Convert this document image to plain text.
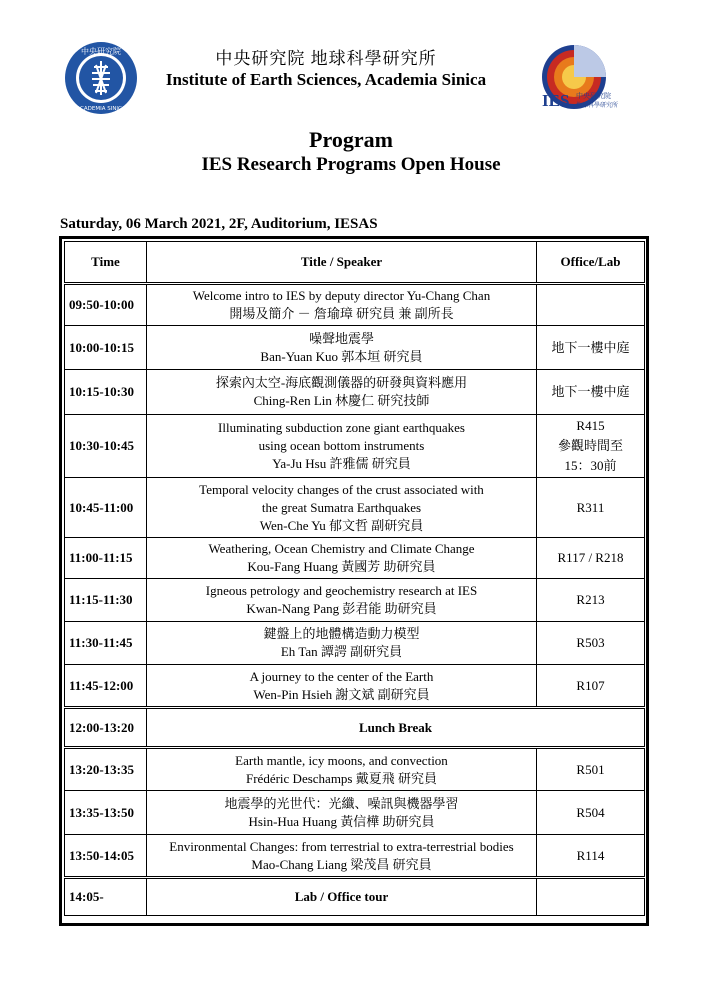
中央研究院
ACADEMIA SINICA	IES 中央研究院
地球科學研究所
中央研究院 地球科學研究所
Institute of Earth Sciences, Academia Sinica
Program
IES Research Programs Open House
Saturday, 06 March 2021, 2F, Auditorium, IESAS
Time	Title / Speaker	Office/Lab
09:50-10:00	Welcome intro to IES by deputy director Yu-Chang Chan
開場及簡介 － 詹瑜璋 研究員 兼 副所長	

10:00-10:15	噪聲地震學
Ban-Yuan Kuo 郭本垣 研究員	地下一樓中庭
10:15-10:30	探索內太空-海底觀測儀器的研發與資料應用
Ching-Ren Lin 林慶仁 研究技師	地下一樓中庭
10:30-10:45	Illuminating subduction zone giant earthquakes
using ocean bottom instruments
Ya-Ju Hsu 許雅儒 研究員	R415
參觀時間至
15：30前

10:45-11:00	Temporal velocity changes of the crust associated with
the great Sumatra Earthquakes
Wen-Che Yu 郁文哲 副研究員	R311
11:00-11:15	Weathering, Ocean Chemistry and Climate Change
Kou-Fang Huang 黃國芳 助研究員	R117 / R218
11:15-11:30	Igneous petrology and geochemistry research at IES
Kwan-Nang Pang 彭君能 助研究員	R213
11:30-11:45	鍵盤上的地體構造動力模型
Eh Tan 譚諤 副研究員	R503
11:45-12:00	A journey to the center of the Earth
Wen-Pin Hsieh 謝文斌 副研究員	R107
12:00-13:20	Lunch Break	
13:20-13:35	Earth mantle, icy moons, and convection
Frédéric Deschamps 戴夏飛 研究員	R501
13:35-13:50	地震學的光世代：光纖、噪訊與機器學習
Hsin-Hua Huang 黃信樺 助研究員	R504
13:50-14:05	Environmental Changes: from terrestrial to extra-terrestrial bodies
Mao-Chang Liang 梁茂昌 研究員	R114
14:05-	Lab / Office tour	
